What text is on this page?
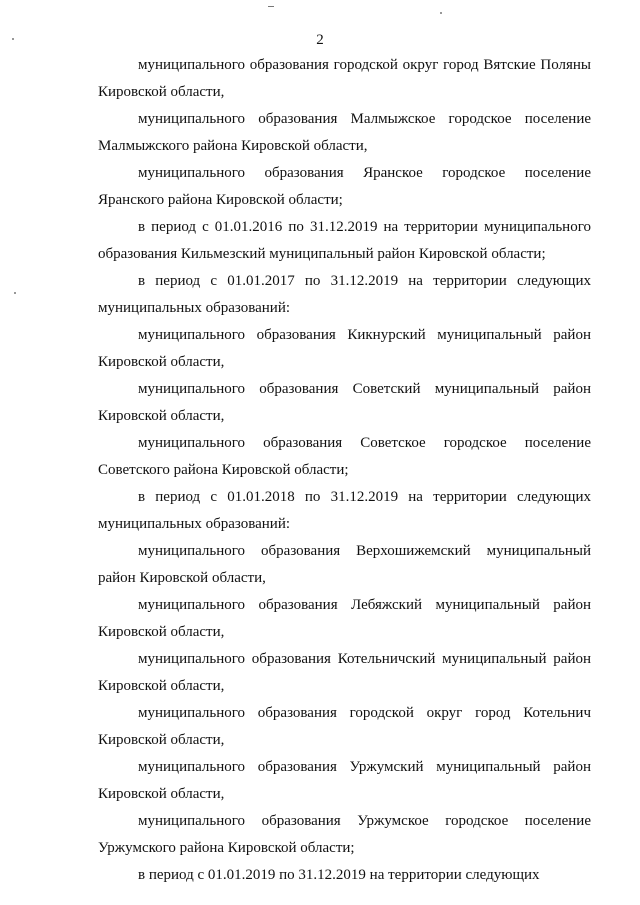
2

муниципального образования городской округ город Вятские Поляны Кировской области,

муниципального образования Малмыжское городское поселение Малмыжского района Кировской области,

муниципального образования Яранское городское поселение Яранского района Кировской области;

в период с 01.01.2016 по 31.12.2019 на территории муниципального образования Кильмезский муниципальный район Кировской области;

в период с 01.01.2017 по 31.12.2019 на территории следующих муниципальных образований:

муниципального образования Кикнурский муниципальный район Кировской области,

муниципального образования Советский муниципальный район Кировской области,

муниципального образования Советское городское поселение Советского района Кировской области;

в период с 01.01.2018 по 31.12.2019 на территории следующих муниципальных образований:

муниципального образования Верхошижемский муниципальный район Кировской области,

муниципального образования Лебяжский муниципальный район Кировской области,

муниципального образования Котельничский муниципальный район Кировской области,

муниципального образования городской округ город Котельнич Кировской области,

муниципального образования Уржумский муниципальный район Кировской области,

муниципального образования Уржумское городское поселение Уржумского района Кировской области;

в период с 01.01.2019 по 31.12.2019 на территории следующих
